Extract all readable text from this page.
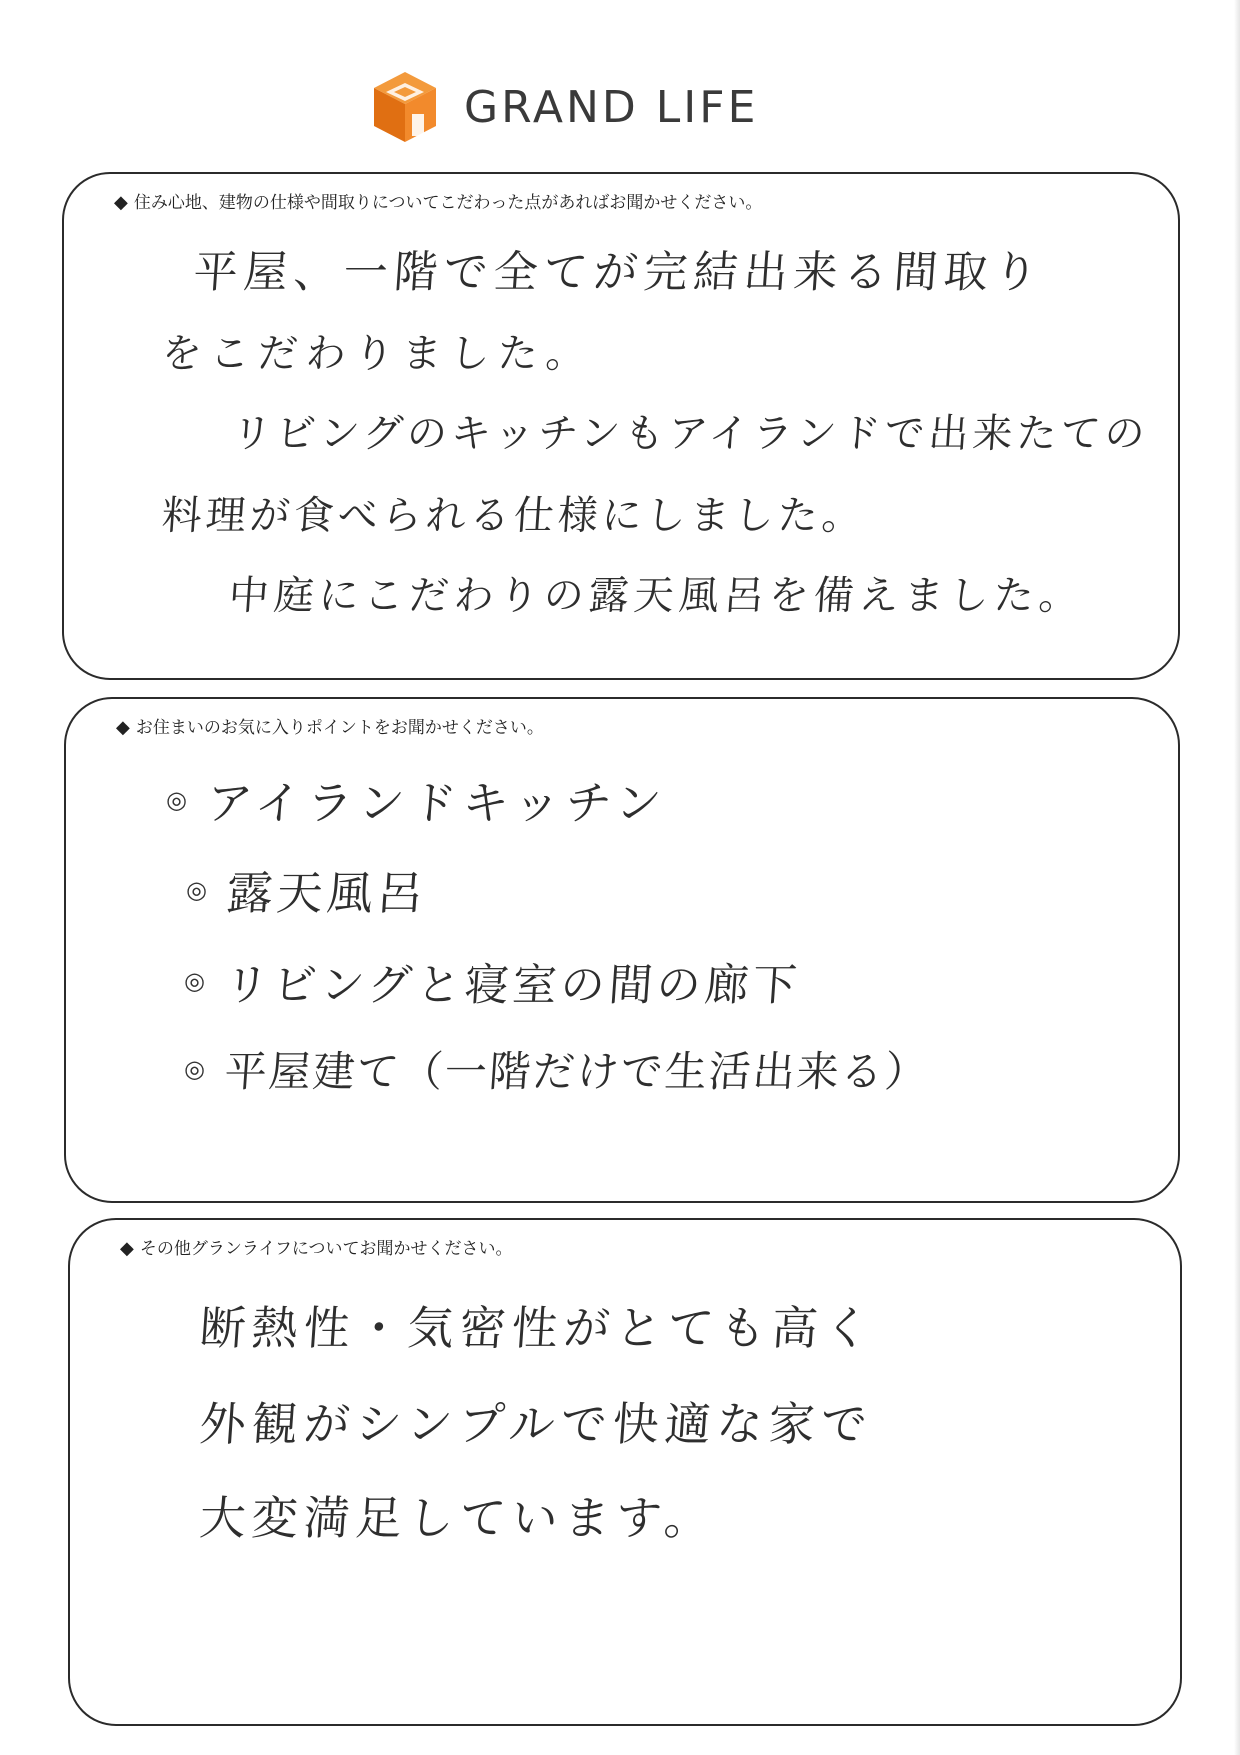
GRAND LIFE
◆ 住み心地、建物の仕様や間取りについてこだわった点があればお聞かせください。
平屋、一階で全てが完結出来る間取り
をこだわりました。
リビングのキッチンもアイランドで出来たての
料理が食べられる仕様にしました。
中庭にこだわりの露天風呂を備えました。
◆ お住まいのお気に入りポイントをお聞かせください。
◎ アイランドキッチン
◎ 露天風呂
◎ リビングと寝室の間の廊下
◎ 平屋建て（一階だけで生活出来る）
◆ その他グランライフについてお聞かせください。
断熱性・気密性がとても高く
外観がシンプルで快適な家で
大変満足しています。
